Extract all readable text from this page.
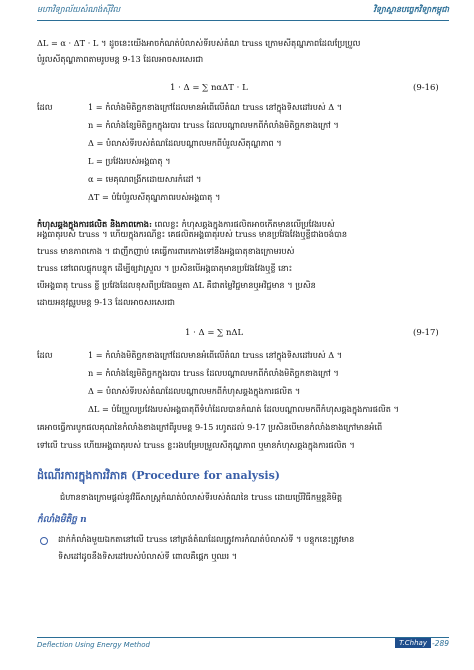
មហាវិទ្យាល័យសំណង់ស៊ីវិល	វិទ្យាស្ថានបច្ចេកវិទ្យាកម្ពុជា
ΔL = α · ΔT · L ។ ដូចនេះយើងអាចកំណត់បំលាស់ទីរបស់តំណ truss ក្រោមសីតុណ្ហភាពដែលប្រែប្រួល
បំរួលសីតុណ្ហភាពតាមរូបមន្ត 9-13 ដែលអាចសរសេរជា
1 · Δ = ∑ nαΔT · L	(9-16)
ដែល	1 = កំលាំងមិតិច្ឆកខាងក្រៅដែលមានអំពើលើតំណ truss នៅក្នុងទិសដៅរបស់ Δ ។
n = កំលាំងខ្សែមិតិច្ឆកក្នុងរបារ truss ដែលបណ្តាលមកពីកំលាំងមិតិច្ឆកខាងក្រៅ ។
Δ = បំលាស់ទីរបស់តំណដែលបណ្តាលមកពីបំរួលសីតុណ្ហភាព ។
L = ប្រវែងរបស់អង្គធាតុ ។
α = មេគុណពង្រីកដោយសារកំដៅ ។
ΔT = បំរែបំរួលសីតុណ្ហភាពរបស់អង្គធាតុ ។
កំហុសឆ្គងក្នុងការផលិត និងភាពកោង: ពេលខ្លះ កំហុសឆ្គងក្នុងការផលិតអាចកើតមានលើប្រវែងរបស់
អង្គធាតុរបស់ truss ។ ហើយក្នុងករណីខ្លះ គេផលិតអង្គធាតុរបស់ truss មានប្រវែងវែងឬខ្លីជាងចង់បាន
truss មានភាពកោង ។ ជាញឹកញាប់ គេធ្វើការពារកោងទៅនឹងអង្គធាតុខាងក្រោមរបស់
truss នៅពេលផ្ទុកបន្ទុក ដើម្បីឲ្យវាស្រួល ។ ប្រសិនបើអង្គធាតុមានប្រវែងវែងឬខ្លី នោះ
បើអង្គធាតុ truss ខ្លី ប្រវែងដែលខុសពីប្រវែងធម្មតា ΔL គឺជាតម្លៃវិជ្ជមានឬអវិជ្ជមាន ។ ប្រសិន
ដោយអនុវត្តរូបមន្ត 9-13 ដែលអាចសរសេរជា
1 · Δ = ∑ nΔL	(9-17)
ដែល	1 = កំលាំងមិតិច្ឆកខាងក្រៅដែលមានអំពើលើតំណ truss នៅក្នុងទិសដៅរបស់ Δ ។
n = កំលាំងខ្សែមិតិច្ឆកក្នុងរបារ truss ដែលបណ្តាលមកពីកំលាំងមិតិច្ឆកខាងក្រៅ ។
Δ = បំលាស់ទីរបស់តំណដែលបណ្តាលមកពីកំហុសឆ្គងក្នុងការផលិត ។
ΔL = បំរែប្រួលប្រវែងរបស់អង្គធាតុពីទំហំដែលបានកំណត់ ដែលបណ្តាលមកពីកំហុសឆ្គងក្នុងការផលិត ។
គេអាចធ្វើការបូកផលគុណនៃកំលាំងខាងក្រៅពីរូបមន្ត 9-15 រហូតដល់ 9-17 ប្រសិនបើមានកំលាំងខាងក្រៅមានអំពើ
ទៅលើ truss ហើយអង្គធាតុរបស់ truss ខ្លះរងបម្រែបម្រួលសីតុណ្ហភាព ឬមានកំហុសឆ្គងក្នុងការផលិត ។
ដំណើរការក្នុងការវិភាគ (Procedure for analysis)
ជំហានខាងក្រោមផ្តល់នូវវិធីសាស្ត្រកំណត់បំលាស់ទីរបស់តំណនៃ truss ដោយប្រើវិធីកម្មន្តនិមិត្ត
កំលាំងមិតិច្ឆ n
ដាក់កំលាំងមួយឯកតានៅលើ truss នៅត្រង់តំណដែលត្រូវការកំណត់បំលាស់ទី ។ បន្ទុកនេះត្រូវមាន
ទិសដៅដូចនឹងទិសដៅរបស់បំលាស់ទី ពោលគឺផ្ដេក ឬឈរ ។
Deflection Using Energy Method	T.Chhay -289
